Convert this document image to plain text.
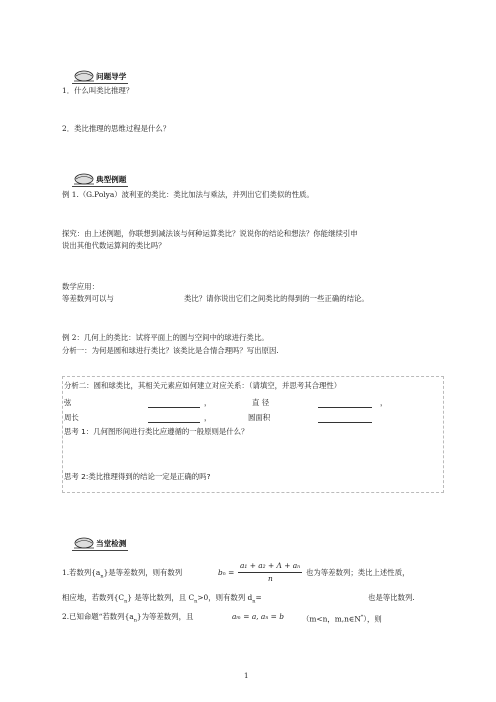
问题导学
1．什么叫类比推理？
2．类比推理的思维过程是什么？
典型例题
例 1.（G.Polya）波利亚的类比：类比加法与乘法，并列出它们类似的性质。
探究：由上述例题，你联想到减法该与何种运算类比？说说你的结论和想法？你能继续引申
说出其他代数运算间的类比吗？
数学应用：
等差数列可以与	类比？请你说出它们之间类比的得到的一些正确的结论。
例 2：几何上的类比：试将平面上的圆与空间中的球进行类比。
分析一：为何是圆和球进行类比？该类比是合情合理吗？写出原因.
分析二：圆和球类比，其相关元素应如何建立对应关系：（请填空，并思考其合理性）
弦	，	直 径	，
周长	，	圆面积
思考 1：几何图形间进行类比应遵循的一般原则是什么？
思考 2:类比推理得到的结论一定是正确的吗?
当堂检测
1.若数列$\{a_n\}$是等差数列，则有数列	bₙ =
a₁ + a₂ + Λ + aₙ
n
也为等差数列；类比上述性质，
相应地，若数列$\{C_n\}$ 是等比数列，且 $C_n>0$，则有数列 $d_n=$	也是等比数列.
2.已知命题“若数列$\{a_n\}$为等差数列，且	aₘ = a, aₙ = b （m<n，m,n∈N*），则
1
